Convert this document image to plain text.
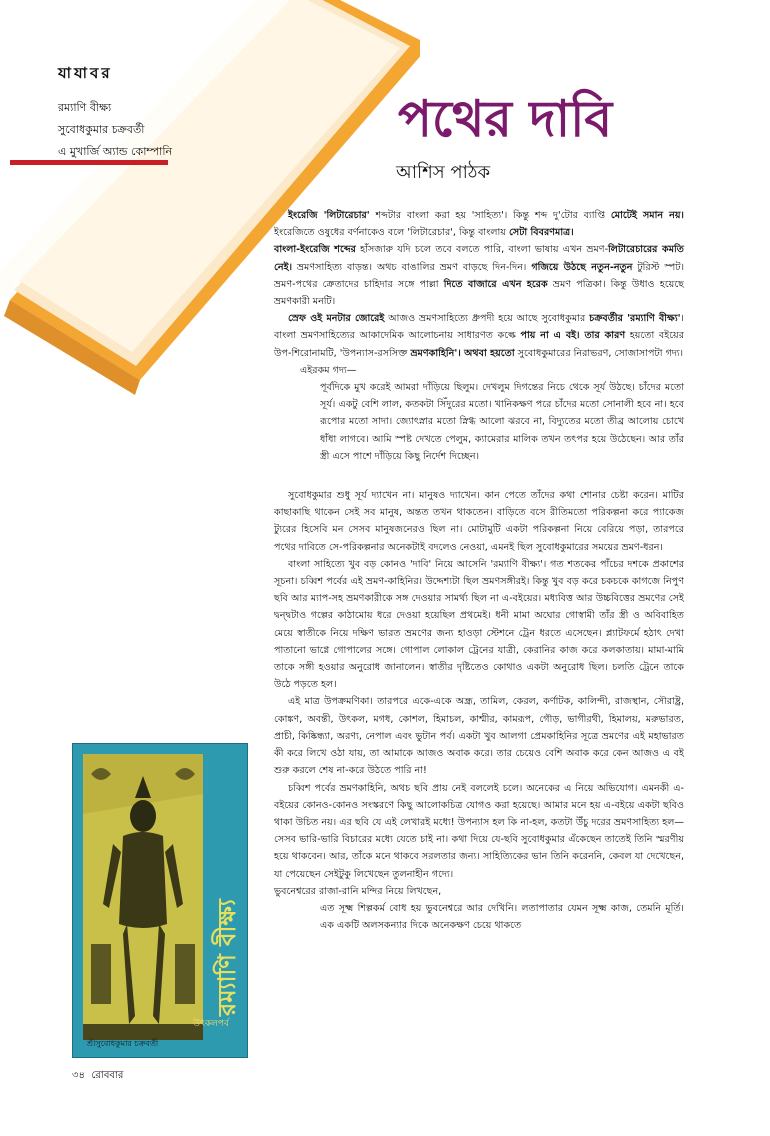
যাযাবর
রম্যাণি বীক্ষ্য
সুবোধকুমার চক্রবর্তী
এ মুখার্জি অ্যান্ড কোম্পানি
পথের দাবি
আশিস পাঠক

ইংরেজি 'লিটারেচার' শব্দটার বাংলা করা হয় 'সাহিত্য'। কিন্তু শব্দ দু'টোর ব্যাপ্তি মোটেই সমান নয়। ইংরেজিতে ওষুধের বর্ণনাকেও বলে 'লিটারেচার', কিন্তু বাংলায় সেটা বিবরণমাত্র।

বাংলা-ইংরেজি শব্দের হাঁসজারু যদি চলে তবে বলতে পারি, বাংলা ভাষায় এখন ভ্রমণ-লিটারেচারের কমতি নেই। ভ্রমণসাহিত্য বাড়ন্ত। অথচ বাঙালির ভ্রমণ বাড়ছে দিন-দিন। গজিয়ে উঠছে নতুন-নতুন টুরিস্ট স্পট। ভ্রমণ-পথের ক্রেতাদের চাহিদার সঙ্গে পাল্লা দিতে বাজারে এখন হরেক ভ্রমণ পত্রিকা। কিন্তু উধাও হয়েছে ভ্রমণকারী মনটি।

স্রেফ ওই মনটার জোরেই আজও ভ্রমণসাহিত্যে ধ্রুপদী হয়ে আছে সুবোধকুমার চক্রবর্তীর 'রম্যাণি বীক্ষ্য'। বাংলা ভ্রমণসাহিত্যের আকাদেমিক আলোচনায় সাধারণত কল্কে পায় না এ বই। তার কারণ হয়তো বইয়ের উপ-শিরোনামটি, 'উপন্যাস-রসসিক্ত ভ্রমণকাহিনি'। অথবা হয়তো সুবোধকুমারের নিরাভরণ, সোজাসাপটা গদ্য।

এইরকম গদ্য—

পূর্বদিকে মুখ করেই আমরা দাঁড়িয়ে ছিলুম। দেখলুম দিগন্তের নিচে থেকে সূর্য উঠছে। চাঁদের মতো সূর্য। একটু বেশি লাল, কতকটা সিঁদুরের মতো। খানিকক্ষণ পরে চাঁদের মতো সোনালী হবে না। হবে রূপোর মতো সাদা। জ্যোৎস্নার মতো স্নিগ্ধ আলো ঝরবে না, বিদ্যুতের মতো তীব্র আলোয় চোখে ধাঁধা লাগবে। আমি স্পষ্ট দেখতে পেলুম, ক্যামেরার মালিক তখন তৎপর হয়ে উঠেছেন। আর তাঁর স্ত্রী এসে পাশে দাঁড়িয়ে কিছু নির্দেশ দিচ্ছেন।

সুবোধকুমার শুধু সূর্য দ্যাখেন না। মানুষও দ্যাখেন। কান পেতে তাঁদের কথা শোনার চেষ্টা করেন। মাটির কাছাকাছি থাকেন সেই সব মানুষ, অন্তত তখন থাকতেন। বাড়িতে বসে রীতিমতো পরিকল্পনা করে প্যাকেজ ট্যুরের হিসেবি মন সেসব মানুষজনেরও ছিল না। মোটামুটি একটা পরিকল্পনা নিয়ে বেরিয়ে পড়া, তারপরে পথের দাবিতে সে-পরিকল্পনার অনেকটাই বদলেও নেওয়া, এমনই ছিল সুবোধকুমারের সময়ের ভ্রমণ-ধরন।

বাংলা সাহিত্যে খুব বড় কোনও 'দাবি' নিয়ে আসেনি 'রম্যাণি বীক্ষ্য'। গত শতকের পাঁচের দশকে প্রকাশের সূচনা। চব্বিশ পর্বের এই ভ্রমণ-কাহিনির। উদ্দেশ্যটা ছিল ভ্রমণসঙ্গীরই। কিন্তু খুব বড় করে চকচকে কাগজে নিপুণ ছবি আর ম্যাপ-সহ ভ্রমণকারীকে সঙ্গ দেওয়ার সামর্থ্য ছিল না এ-বইয়ের। মধ্যবিত্ত আর উচ্চবিত্তের ভ্রমণের সেই দ্বন্দ্বটাও গল্পের কাঠামোয় ধরে দেওয়া হয়েছিল প্রথমেই। ধনী মামা অঘোর গোস্বামী তাঁর স্ত্রী ও অবিবাহিত মেয়ে স্বাতীকে নিয়ে দক্ষিণ ভারত ভ্রমণের জন্য হাওড়া স্টেশনে ট্রেন ধরতে এসেছেন। প্ল্যাটফর্মে হঠাৎ দেখা পাতানো ভাগ্নে গোপালের সঙ্গে। গোপাল লোকাল ট্রেনের যাত্রী, কেরানির কাজ করে কলকাতায়। মামা-মামি তাকে সঙ্গী হওয়ার অনুরোধ জানালেন। স্বাতীর দৃষ্টিতেও কোথাও একটা অনুরোধ ছিল। চলতি ট্রেনে তাকে উঠে পড়তে হল।

এই মাত্র উপক্রমণিকা। তারপরে একে-একে অন্ধ্র, তামিল, কেরল, কর্ণাটক, কালিন্দী, রাজস্থান, সৌরাষ্ট্র, কোঙ্কণ, অবন্তী, উৎকল, মগধ, কোশল, হিমাচল, কাশ্মীর, কামরূপ, গৌড়, ভাগীরথী, হিমালয়, মরুভারত, প্রাচী, কিষ্কিন্ধ্যা, অরণ্য, নেপাল এবং ভুটান পর্ব। একটা খুব আলগা প্রেমকাহিনির সূত্রে ভ্রমণের এই মহাভারত কী করে লিখে ওঠা যায়, তা আমাকে আজও অবাক করে। তার চেয়েও বেশি অবাক করে কেন আজও এ বই শুরু করলে শেষ না-করে উঠতে পারি না!

চব্বিশ পর্বের ভ্রমণকাহিনি, অথচ ছবি প্রায় নেই বললেই চলে। অনেকের এ নিয়ে অভিযোগ। এমনকী এ-বইয়ের কোনও-কোনও সংস্করণে কিছু আলোকচিত্র যোগও করা হয়েছে। আমার মনে হয় এ-বইয়ে একটা ছবিও থাকা উচিত নয়। এর ছবি যে এই লেখারই মধ্যে! উপন্যাস হল কি না-হল, কতটা উঁচু দরের ভ্রমণসাহিত্য হল—সেসব ভারি-ভারি বিচারের মধ্যে যেতে চাই না। কথা দিয়ে যে-ছবি সুবোধকুমার এঁকেছেন তাতেই তিনি স্মরণীয় হয়ে থাকবেন। আর, তাঁকে মনে থাকবে সরলতার জন্য। সাহিত্যিকের ভান তিনি করেননি, কেবল যা দেখেছেন, যা পেয়েছেন সেইটুকু লিখেছেন তুলনাহীন গদ্যে।

ভুবনেশ্বরের রাজা-রানি মন্দির নিয়ে লিখছেন,

এত সূক্ষ্ম শিল্পকর্ম বোধ হয় ভুবনেশ্বরে আর দেখিনি। লতাপাতার যেমন সূক্ষ্ম কাজ, তেমনি মূর্তি। এক একটি অলসকন্যার দিকে অনেকক্ষণ চেয়ে থাকতে

রম্যাণি বীক্ষ্য
উৎকলপর্ব
শ্রীসুবোধকুমার চক্রবর্তী
৩৪ রোববার
